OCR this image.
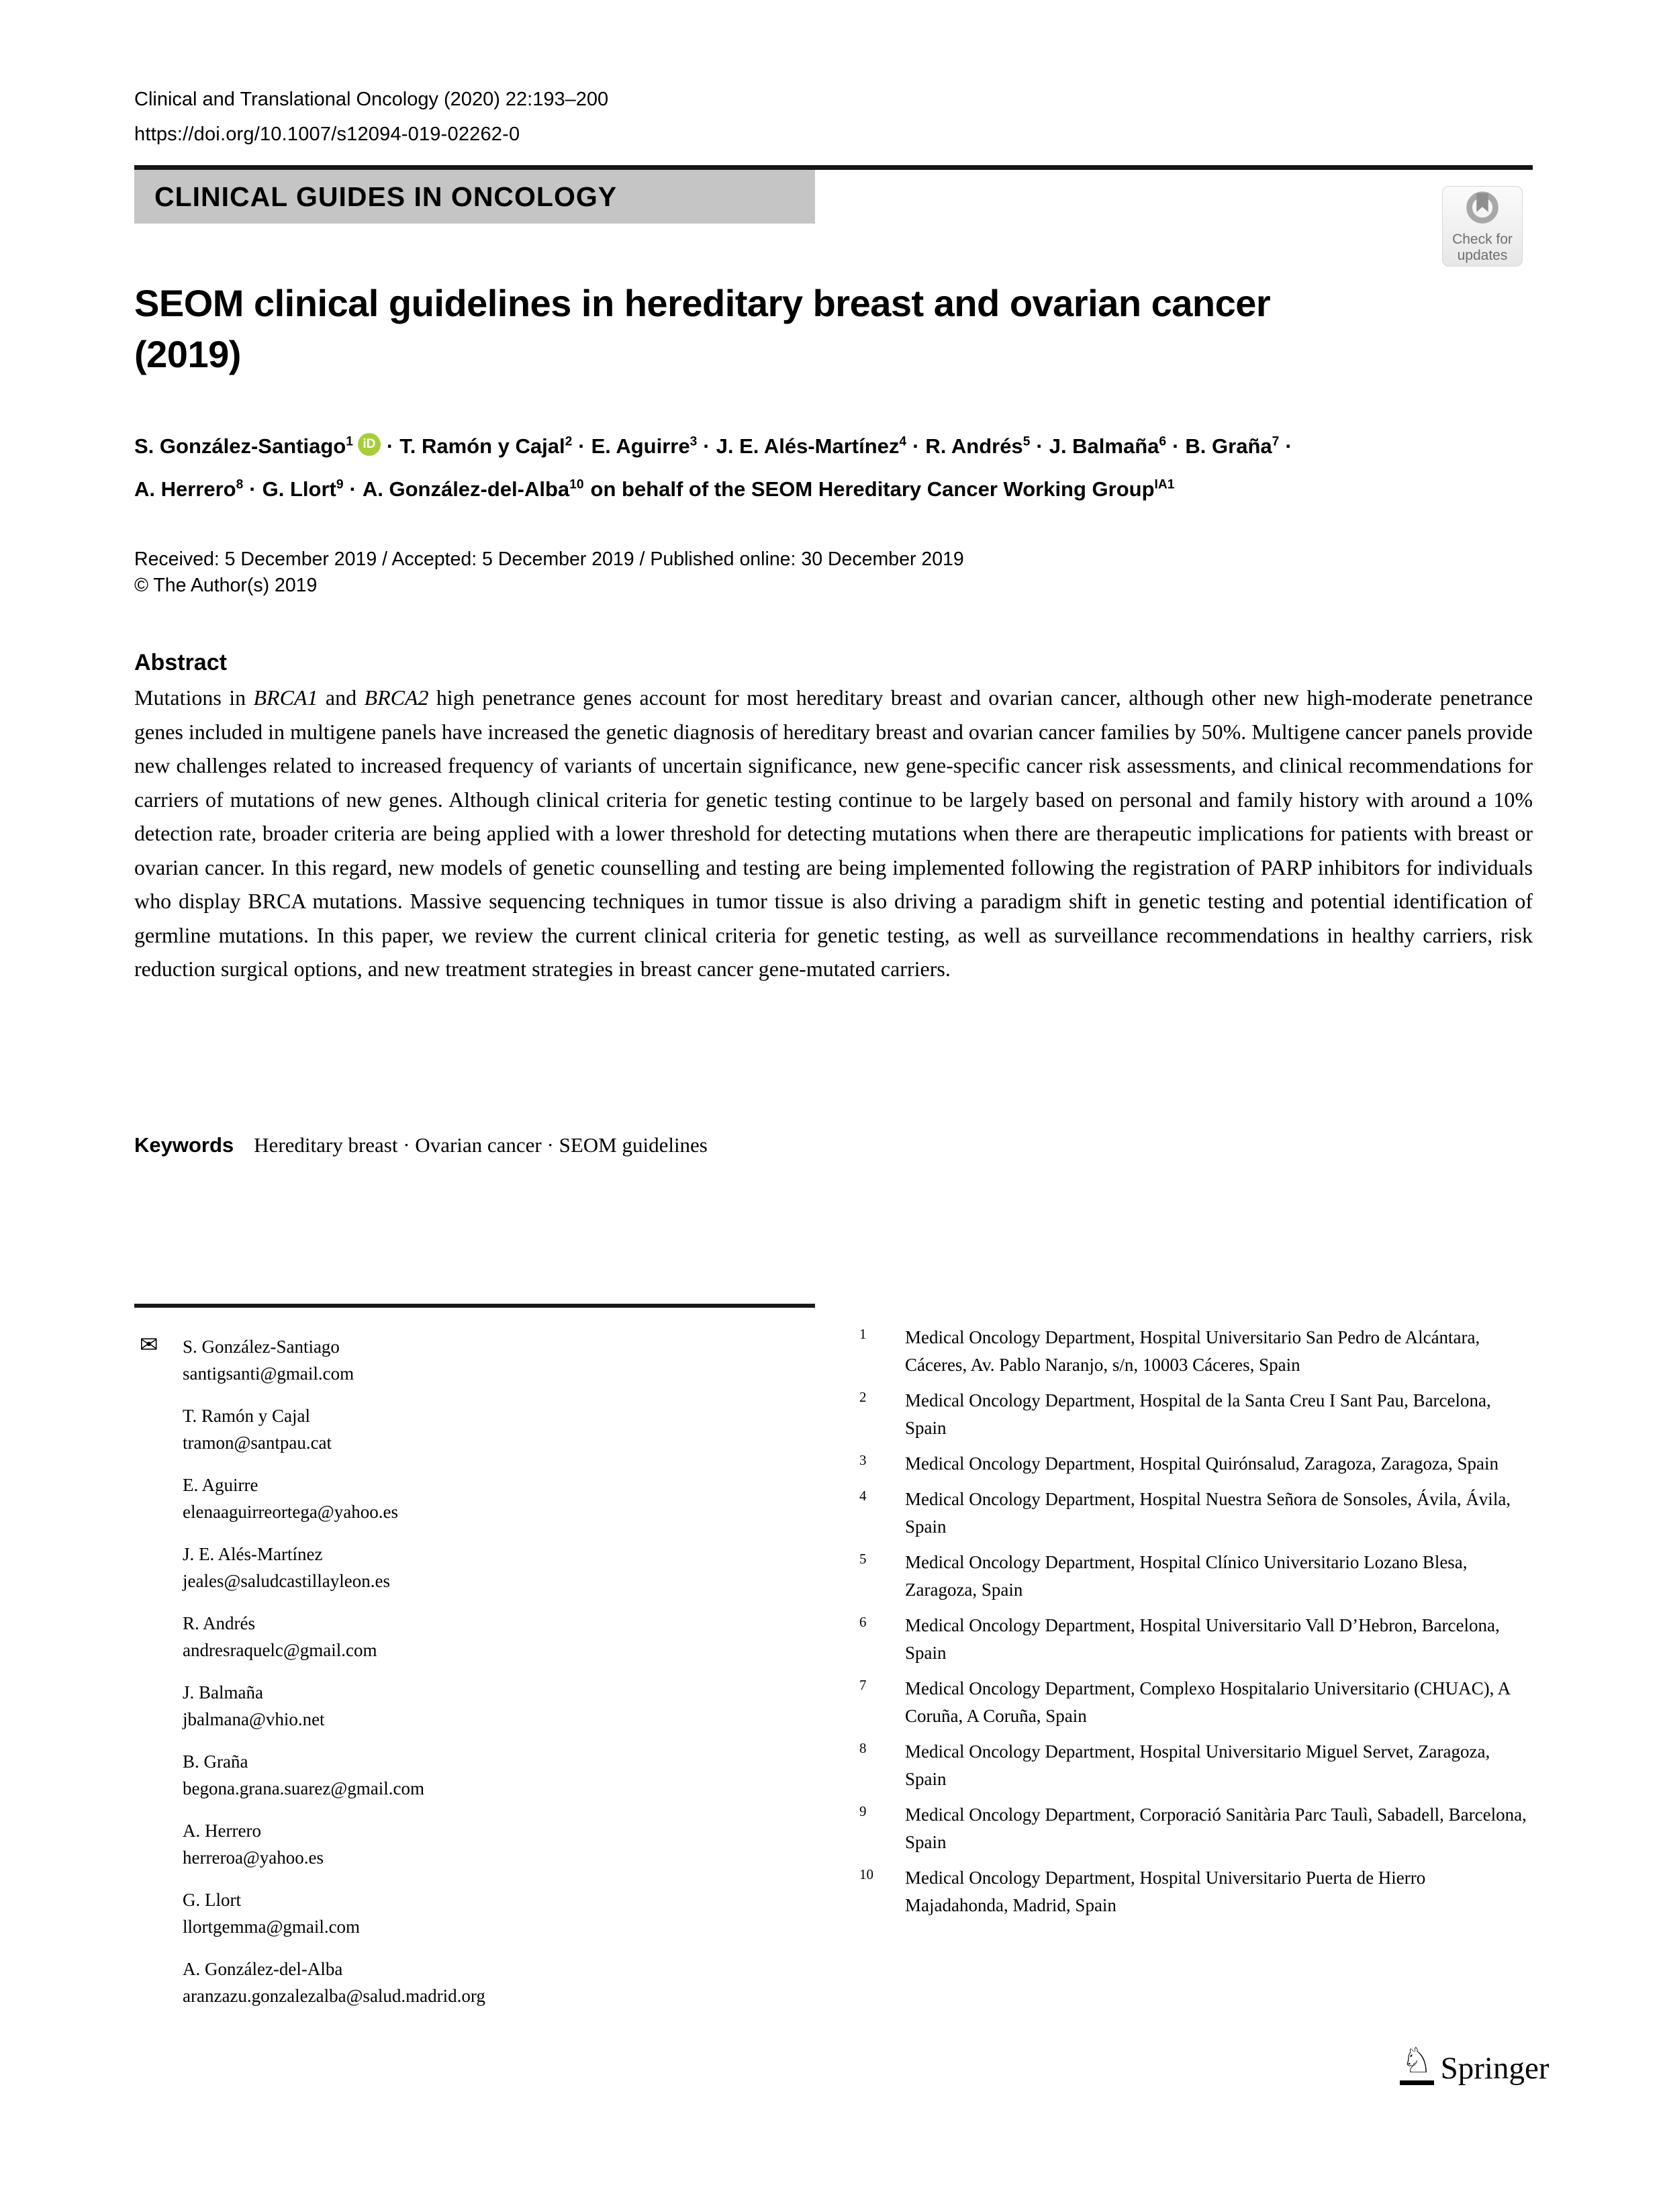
Clinical and Translational Oncology (2020) 22:193–200
https://doi.org/10.1007/s12094-019-02262-0
CLINICAL GUIDES IN ONCOLOGY
Check for
updates
SEOM clinical guidelines in hereditary breast and ovarian cancer
(2019)
S. González-Santiago$^1$ iD · T. Ramón y Cajal$^2$ · E. Aguirre$^3$ · J. E. Alés-Martínez$^4$ · R. Andrés$^5$ · J. Balmaña$^6$ · B. Graña$^7$ ·
A. Herrero$^8$ · G. Llort$^9$ · A. González-del-Alba$^{10}$ on behalf of the SEOM Hereditary Cancer Working Group$^{IA1}$
Received: 5 December 2019 / Accepted: 5 December 2019 / Published online: 30 December 2019
© The Author(s) 2019
Abstract

Mutations in BRCA1 and BRCA2 high penetrance genes account for most hereditary breast and ovarian cancer, although other new high-moderate penetrance genes included in multigene panels have increased the genetic diagnosis of hereditary breast and ovarian cancer families by 50%. Multigene cancer panels provide new challenges related to increased frequency of variants of uncertain significance, new gene-specific cancer risk assessments, and clinical recommendations for carriers of mutations of new genes. Although clinical criteria for genetic testing continue to be largely based on personal and family history with around a 10% detection rate, broader criteria are being applied with a lower threshold for detecting mutations when there are therapeutic implications for patients with breast or ovarian cancer. In this regard, new models of genetic counselling and testing are being implemented following the registration of PARP inhibitors for individuals who display BRCA mutations. Massive sequencing techniques in tumor tissue is also driving a paradigm shift in genetic testing and potential identification of germline mutations. In this paper, we review the current clinical criteria for genetic testing, as well as surveillance recommendations in healthy carriers, risk reduction surgical options, and new treatment strategies in breast cancer gene-mutated carriers.

Keywords Hereditary breast · Ovarian cancer · SEOM guidelines
✉ S. González-Santiago
santigsanti@gmail.com
T. Ramón y Cajal
tramon@santpau.cat
E. Aguirre
elenaaguirreortega@yahoo.es
J. E. Alés-Martínez
jeales@saludcastillayleon.es
R. Andrés
andresraquelc@gmail.com
J. Balmaña
jbalmana@vhio.net
B. Graña
begona.grana.suarez@gmail.com
A. Herrero
herreroa@yahoo.es
G. Llort
llortgemma@gmail.com
A. González-del-Alba
aranzazu.gonzalezalba@salud.madrid.org
1	Medical Oncology Department, Hospital Universitario San Pedro de Alcántara, Cáceres, Av. Pablo Naranjo, s/n, 10003 Cáceres, Spain
2	Medical Oncology Department, Hospital de la Santa Creu I Sant Pau, Barcelona, Spain
3	Medical Oncology Department, Hospital Quirónsalud, Zaragoza, Zaragoza, Spain
4	Medical Oncology Department, Hospital Nuestra Señora de Sonsoles, Ávila, Ávila, Spain
5	Medical Oncology Department, Hospital Clínico Universitario Lozano Blesa, Zaragoza, Spain
6	Medical Oncology Department, Hospital Universitario Vall D’Hebron, Barcelona, Spain
7	Medical Oncology Department, Complexo Hospitalario Universitario (CHUAC), A Coruña, A Coruña, Spain
8	Medical Oncology Department, Hospital Universitario Miguel Servet, Zaragoza, Spain
9	Medical Oncology Department, Corporació Sanitària Parc Taulì, Sabadell, Barcelona, Spain
10	Medical Oncology Department, Hospital Universitario Puerta de Hierro Majadahonda, Madrid, Spain
♘ Springer
